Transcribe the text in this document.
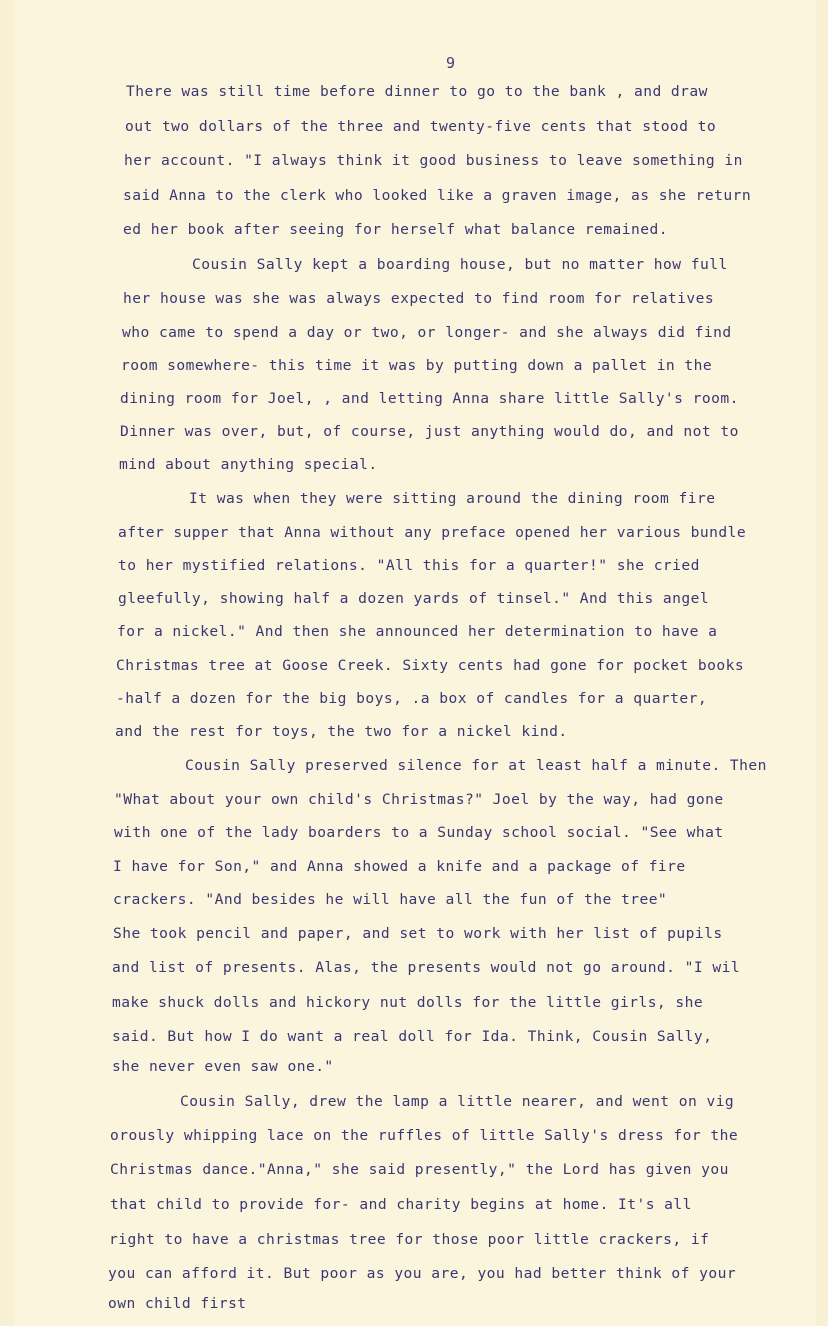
9
There was still time before dinner to go to the bank , and draw
out two dollars of the three and twenty-five cents that stood to
her account. "I always think it good business to leave something in
said Anna to the clerk who looked like a graven image, as she return
ed her book after seeing for herself what balance remained.
Cousin Sally kept a boarding house, but no matter how full
her house was she was always expected to find room for relatives
who came to spend a day or two, or longer- and she always did find
room somewhere- this time it was by putting down a pallet in the
dining room for Joel, , and letting Anna share little Sally's room.
Dinner was over, but, of course, just anything would do, and not to
mind about anything special.
It was when they were sitting around the dining room fire
after supper that Anna without any preface opened her various bundle
to her mystified relations. "All this for a quarter!" she cried
gleefully, showing half a dozen yards of tinsel." And this angel
for a nickel." And then she announced her determination to have a
Christmas tree at Goose Creek. Sixty cents had gone for pocket books
-half a dozen for the big boys, .a box of candles for a quarter,
and the rest for toys, the two for a nickel kind.
Cousin Sally preserved silence for at least half a minute. Then
"What about your own child's Christmas?" Joel by the way, had gone
with one of the lady boarders to a Sunday school social. "See what
I have for Son," and Anna showed a knife and a package of fire
crackers. "And besides he will have all the fun of the tree"
She took pencil and paper, and set to work with her list of pupils
and list of presents. Alas, the presents would not go around. "I wil
make shuck dolls and hickory nut dolls for the little girls, she
said. But how I do want a real doll for Ida. Think, Cousin Sally,
she never even saw one."
Cousin Sally, drew the lamp a little nearer, and went on vig
orously whipping lace on the ruffles of little Sally's dress for the
Christmas dance."Anna," she said presently," the Lord has given you
that child to provide for- and charity begins at home. It's all
right to have a christmas tree for those poor little crackers, if
you can afford it. But poor as you are, you had better think of your
own child first
